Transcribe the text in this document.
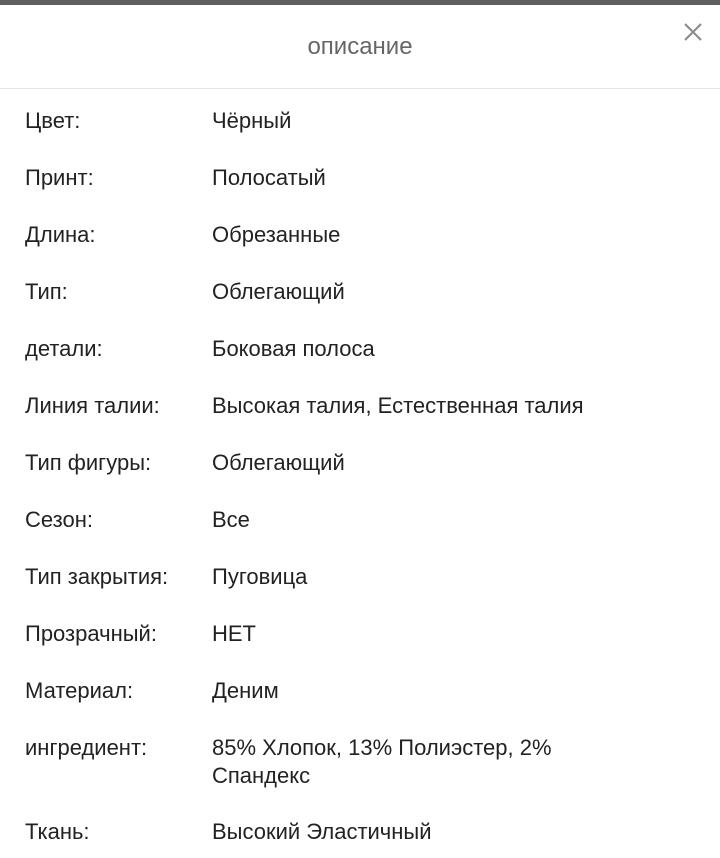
описание
Цвет:	Чёрный
Принт:	Полосатый
Длина:	Обрезанные
Тип:	Облегающий
детали:	Боковая полоса
Линия талии:	Высокая талия, Естественная талия
Тип фигуры:	Облегающий
Сезон:	Все
Тип закрытия:	Пуговица
Прозрачный:	НЕТ
Материал:	Деним
ингредиент:	85% Хлопок, 13% Полиэстер, 2% Спандекс
Ткань:	Высокий Эластичный
